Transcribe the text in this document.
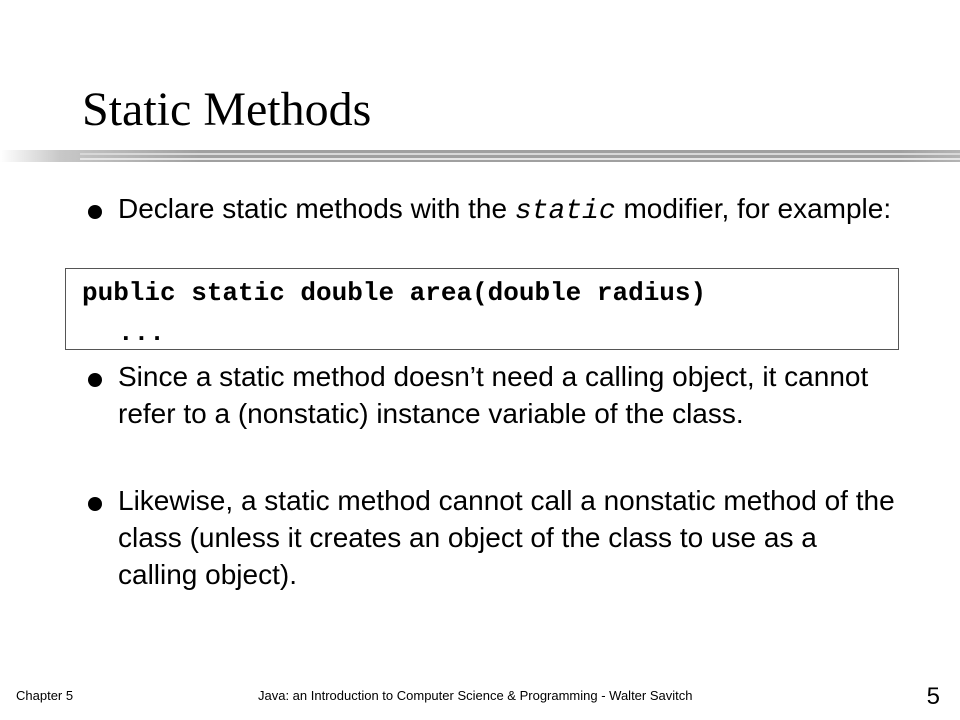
Static Methods

Declare static methods with the static modifier, for example:

public static double area(double radius)
...

Since a static method doesn’t need a calling object, it cannot refer to a (nonstatic) instance variable of the class.

Likewise, a static method cannot call a nonstatic method of the class (unless it creates an object of the class to use as a calling object).

Chapter 5	Java: an Introduction to Computer Science & Programming - Walter Savitch	5
